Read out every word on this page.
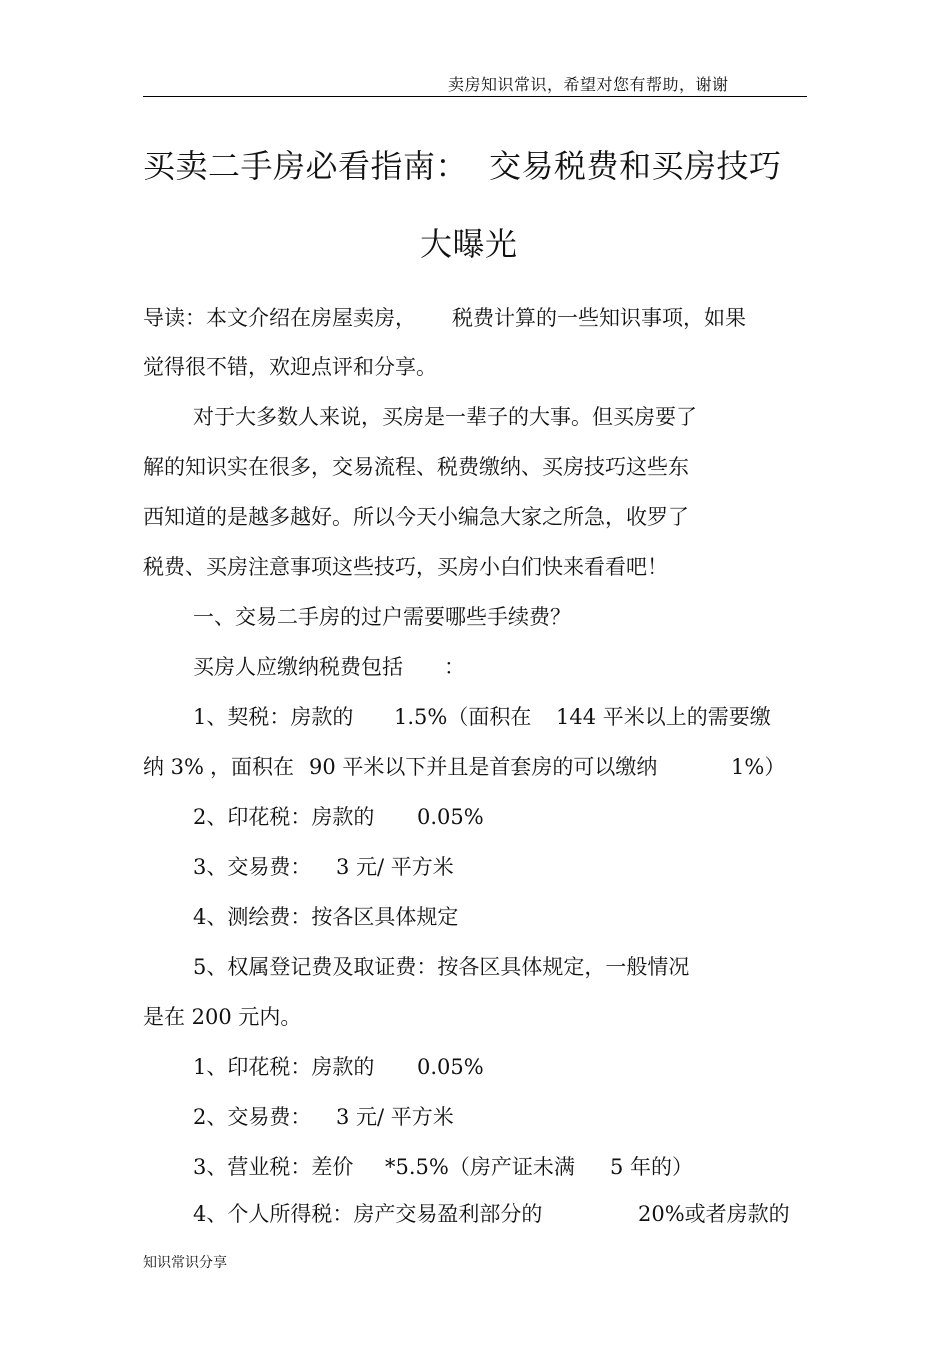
卖房知识常识，希望对您有帮助，谢谢
买卖二手房必看指南： 交易税费和买房技巧
大曝光
导读：本文介绍在房屋卖房， 税费计算的一些知识事项，如果
觉得很不错，欢迎点评和分享。
对于大多数人来说，买房是一辈子的大事。但买房要了
解的知识实在很多，交易流程、税费缴纳、买房技巧这些东
西知道的是越多越好。所以今天小编急大家之所急，收罗了
税费、买房注意事项这些技巧，买房小白们快来看看吧！
一、交易二手房的过户需要哪些手续费？
买房人应缴纳税费包括 ：
1、契税：房款的 1.5%（面积在 144 平米以上的需要缴
纳 3% ，面积在 90 平米以下并且是首套房的可以缴纳	1%）
2、印花税：房款的 0.05%
3、交易费： 3 元/ 平方米
4、测绘费：按各区具体规定
5、权属登记费及取证费：按各区具体规定，一般情况
是在 200 元内。
1、印花税：房款的 0.05%
2、交易费： 3 元/ 平方米
3、营业税：差价 *5.5%（房产证未满 5 年的）
4、个人所得税：房产交易盈利部分的	20%或者房款的
知识常识分享
